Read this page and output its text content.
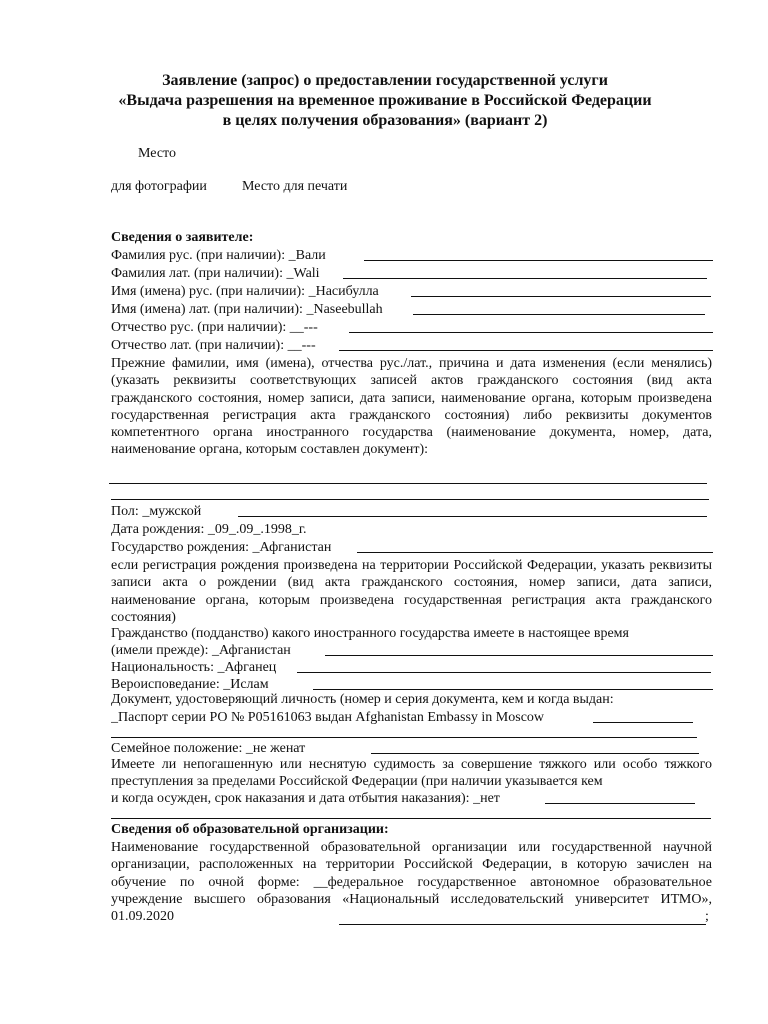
Заявление (запрос) о предоставлении государственной услуги
«Выдача разрешения на временное проживание в Российской Федерации
в целях получения образования» (вариант 2)
Место
для фотографии	Место для печати
Сведения о заявителе:
Фамилия рус. (при наличии): _Вали
Фамилия лат. (при наличии): _Wali
Имя (имена) рус. (при наличии): _Насибулла
Имя (имена) лат. (при наличии): _Naseebullah
Отчество рус. (при наличии): __---
Отчество лат. (при наличии): __---
Прежние фамилии, имя (имена), отчества рус./лат., причина и дата изменения (если менялись) (указать реквизиты соответствующих записей актов гражданского состояния (вид акта гражданского состояния, номер записи, дата записи, наименование органа, которым произведена государственная регистрация акта гражданского состояния) либо реквизиты документов компетентного органа иностранного государства (наименование документа, номер, дата, наименование органа, которым составлен документ):
Пол: _мужской
Дата рождения: _09_.09_.1998_г.
Государство рождения: _Афганистан
если регистрация рождения произведена на территории Российской Федерации, указать реквизиты записи акта о рождении (вид акта гражданского состояния, номер записи, дата записи, наименование органа, которым произведена государственная регистрация акта гражданского состояния)
Гражданство (подданство) какого иностранного государства имеете в настоящее время
(имели прежде): _Афганистан
Национальность: _Афганец
Вероисповедание: _Ислам
Документ, удостоверяющий личность (номер и серия документа, кем и когда выдан:
_Паспорт серии PO № P05161063 выдан Afghanistan Embassy in Moscow
Семейное положение: _не женат
Имеете ли непогашенную или неснятую судимость за совершение тяжкого или особо тяжкого преступления за пределами Российской Федерации (при наличии указывается кем
и когда осужден, срок наказания и дата отбытия наказания): _нет
Сведения об образовательной организации:
Наименование государственной образовательной организации или государственной научной организации, расположенных на территории Российской Федерации, в которую зачислен на обучение по очной форме: __федеральное государственное автономное образовательное учреждение высшего образования «Национальный исследовательский университет ИТМО», 01.09.2020	;
